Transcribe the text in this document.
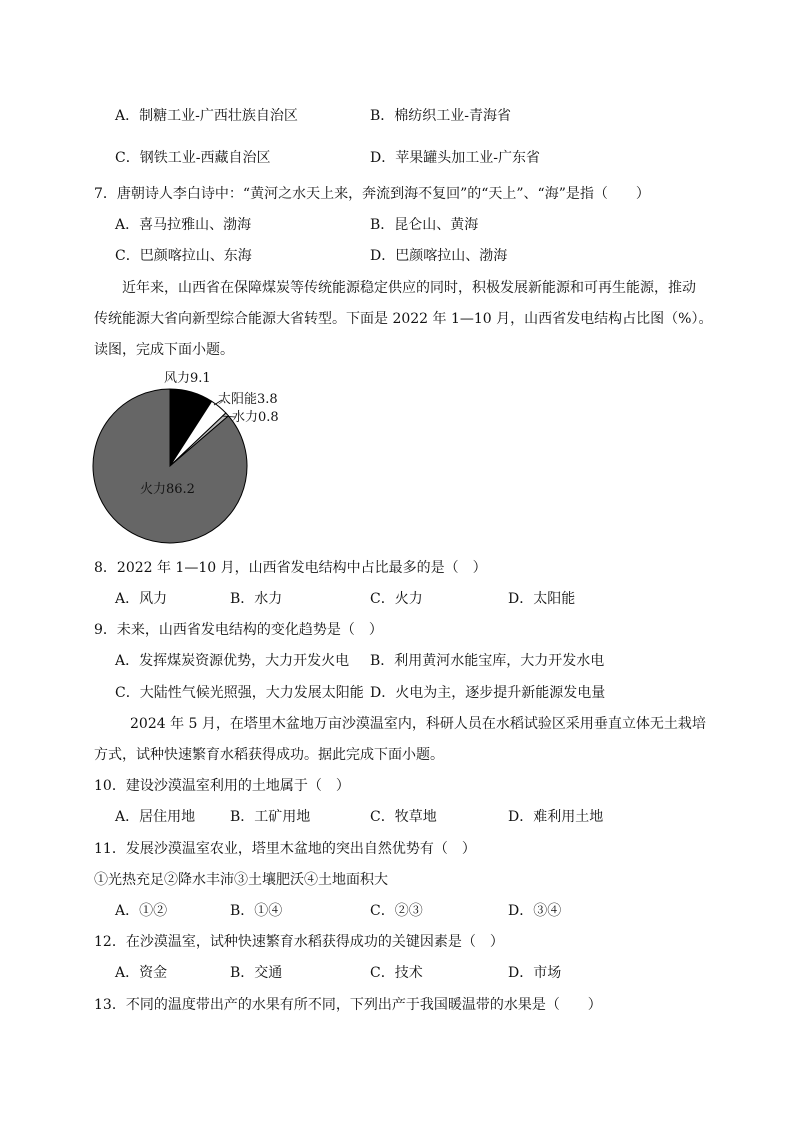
A．制糖工业-广西壮族自治区	B．棉纺织工业-青海省
C．钢铁工业-西藏自治区	D．苹果罐头加工业-广东省
7．唐朝诗人李白诗中：“黄河之水天上来，奔流到海不复回”的“天上”、“海”是指（　　）
A．喜马拉雅山、渤海	B．昆仑山、黄海
C．巴颜喀拉山、东海	D．巴颜喀拉山、渤海
近年来，山西省在保障煤炭等传统能源稳定供应的同时，积极发展新能源和可再生能源，推动
传统能源大省向新型综合能源大省转型。下面是 2022 年 1—10 月，山西省发电结构占比图（%）。
读图，完成下面小题。
风力9.1
太阳能3.8
水力0.8
火力86.2
8．2022 年 1—10 月，山西省发电结构中占比最多的是（　）
A．风力	B．水力	C．火力	D．太阳能
9．未来，山西省发电结构的变化趋势是（　）
A．发挥煤炭资源优势，大力开发火电 B．利用黄河水能宝库，大力开发水电
C．大陆性气候光照强，大力发展太阳能 D．火电为主，逐步提升新能源发电量
2024 年 5 月，在塔里木盆地万亩沙漠温室内，科研人员在水稻试验区采用垂直立体无土栽培
方式，试种快速繁育水稻获得成功。据此完成下面小题。
10．建设沙漠温室利用的土地属于（　）
A．居住用地 B．工矿用地	C．牧草地	D．难利用土地
11．发展沙漠温室农业，塔里木盆地的突出自然优势有（　）
①光热充足②降水丰沛③土壤肥沃④土地面积大
A．①②	B．①④	C．②③	D．③④
12．在沙漠温室，试种快速繁育水稻获得成功的关键因素是（　）
A．资金	B．交通	C．技术	D．市场
13．不同的温度带出产的水果有所不同，下列出产于我国暖温带的水果是（　　）
